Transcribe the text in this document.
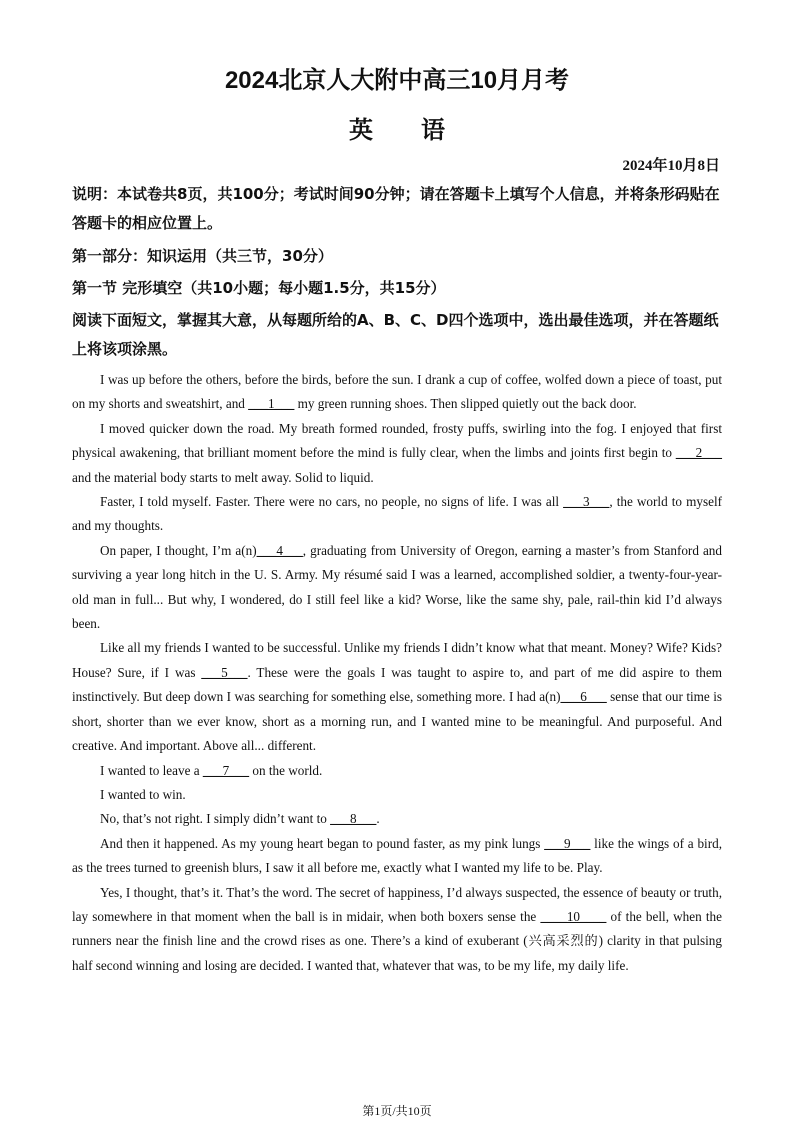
2024北京人大附中高三10月月考
英语
2024年10月8日
说明：本试卷共8页，共100分；考试时间90分钟；请在答题卡上填写个人信息，并将条形码贴在答题卡的相应位置上。
第一部分：知识运用（共三节，30分）
第一节 完形填空（共10小题；每小题1.5分，共15分）
阅读下面短文，掌握其大意，从每题所给的A、B、C、D四个选项中，选出最佳选项，并在答题纸上将该项涂黑。

I was up before the others, before the birds, before the sun. I drank a cup of coffee, wolfed down a piece of toast, put on my shorts and sweatshirt, and ___1___ my green running shoes. Then slipped quietly out the back door.

I moved quicker down the road. My breath formed rounded, frosty puffs, swirling into the fog. I enjoyed that first physical awakening, that brilliant moment before the mind is fully clear, when the limbs and joints first begin to ___2___ and the material body starts to melt away. Solid to liquid.

Faster, I told myself. Faster. There were no cars, no people, no signs of life. I was all ___3___, the world to myself and my thoughts.

On paper, I thought, I’m a(n)___4___, graduating from University of Oregon, earning a master’s from Stanford and surviving a year long hitch in the U. S. Army. My résumé said I was a learned, accomplished soldier, a twenty-four-year-old man in full... But why, I wondered, do I still feel like a kid? Worse, like the same shy, pale, rail-thin kid I’d always been.

Like all my friends I wanted to be successful. Unlike my friends I didn’t know what that meant. Money? Wife? Kids? House? Sure, if I was ___5___. These were the goals I was taught to aspire to, and part of me did aspire to them instinctively. But deep down I was searching for something else, something more. I had a(n)___6___ sense that our time is short, shorter than we ever know, short as a morning run, and I wanted mine to be meaningful. And purposeful. And creative. And important. Above all... different.

I wanted to leave a ___7___ on the world.

I wanted to win.

No, that’s not right. I simply didn’t want to ___8___.

And then it happened. As my young heart began to pound faster, as my pink lungs ___9___ like the wings of a bird, as the trees turned to greenish blurs, I saw it all before me, exactly what I wanted my life to be. Play.

Yes, I thought, that’s it. That’s the word. The secret of happiness, I’d always suspected, the essence of beauty or truth, lay somewhere in that moment when the ball is in midair, when both boxers sense the ____10____ of the bell, when the runners near the finish line and the crowd rises as one. There’s a kind of exuberant (兴高采烈的) clarity in that pulsing half second winning and losing are decided. I wanted that, whatever that was, to be my life, my daily life.

第1页/共10页
